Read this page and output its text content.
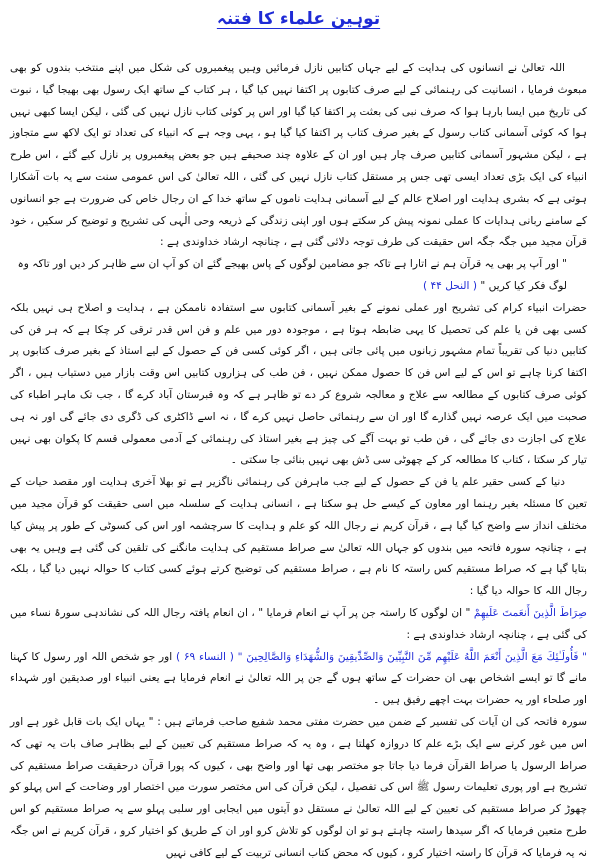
توہین علماء کا فتنہ

اللہ تعالیٰ نے انسانوں کی ہدایت کے لیے جہاں کتابیں نازل فرمائیں وہیں پیغمبروں کی شکل میں اپنے منتخب بندوں کو بھی مبعوث فرمایا ، انسانیت کی رہنمائی کے لیے صرف کتابوں پر اکتفا نہیں کیا گیا ، ہر کتاب کے ساتھ ایک رسول بھی بھیجا گیا ، نبوت کی تاریخ میں ایسا بارہا ہوا کہ صرف نبی کی بعثت پر اکتفا کیا گیا اور اس پر کوئی کتاب نازل نہیں کی گئی ، لیکن ایسا کبھی نہیں ہوا کہ کوئی آسمانی کتاب رسول کے بغیر صرف کتاب پر اکتفا کیا گیا ہو ، یہی وجہ ہے کہ انبیاء کی تعداد تو ایک لاکھ سے متجاوز ہے ، لیکن مشہور آسمانی کتابیں صرف چار ہیں اور ان کے علاوہ چند صحیفے ہیں جو بعض پیغمبروں پر نازل کیے گئے ، اس طرح انبیاء کی ایک بڑی تعداد ایسی تھی جس پر مستقل کتاب نازل نہیں کی گئی ، اللہ تعالیٰ کی اس عمومی سنت سے یہ بات آشکارا ہوتی ہے کہ بشری ہدایت اور اصلاح عالم کے لیے آسمانی ہدایت ناموں کے ساتھ خدا کے ان رجال خاص کی ضرورت ہے جو انسانوں کے سامنے ربانی ہدایات کا عملی نمونہ پیش کر سکتے ہوں اور اپنی زندگی کے ذریعہ وحی الٰہی کی تشریح و توضیح کر سکیں ، خود قرآن مجید میں جگہ جگہ اس حقیقت کی طرف توجہ دلائی گئی ہے ، چنانچہ ارشاد خداوندی ہے :

" اور آپ پر بھی یہ قرآن ہم نے اتارا ہے تاکہ جو مضامین لوگوں کے پاس بھیجے گئے ان کو آپ ان سے ظاہر کر دیں اور تاکہ وہ لوگ فکر کیا کریں " ( النحل ۴۴ )

حضرات انبیاء کرام کی تشریح اور عملی نمونے کے بغیر آسمانی کتابوں سے استفادہ ناممکن ہے ، ہدایت و اصلاح ہی نہیں بلکہ کسی بھی فن یا علم کی تحصیل کا یہی ضابطہ ہوتا ہے ، موجودہ دور میں علم و فن اس قدر ترقی کر چکا ہے کہ ہر فن کی کتابیں دنیا کی تقریباً تمام مشہور زبانوں میں پائی جاتی ہیں ، اگر کوئی کسی فن کے حصول کے لیے استاذ کے بغیر صرف کتابوں پر اکتفا کرنا چاہے تو اس کے لیے اس فن کا حصول ممکن نہیں ، فن طب کی ہزاروں کتابیں اس وقت بازار میں دستیاب ہیں ، اگر کوئی صرف کتابوں کے مطالعہ سے علاج و معالجہ شروع کر دے تو ظاہر ہے کہ وہ قبرستان آباد کرے گا ، جب تک ماہر اطباء کی صحبت میں ایک عرصہ نہیں گذارے گا اور ان سے رہنمائی حاصل نہیں کرے گا ، نہ اسے ڈاکٹری کی ڈگری دی جائے گی اور نہ ہی علاج کی اجازت دی جائے گی ، فن طب تو بہت آگے کی چیز ہے بغیر استاذ کی رہنمائی کے آدمی معمولی قسم کا پکوان بھی نہیں تیار کر سکتا ، کتاب کا مطالعہ کر کے چھوٹی سی ڈش بھی نہیں بنائی جا سکتی ۔

دنیا کے کسی حقیر علم یا فن کے حصول کے لیے جب ماہرفن کی رہنمائی ناگزیر ہے تو بھلا آخری ہدایت اور مقصد حیات کے تعین کا مسئلہ بغیر رہنما اور معاون کے کیسے حل ہو سکتا ہے ، انسانی ہدایت کے سلسلہ میں اسی حقیقت کو قرآن مجید میں مختلف انداز سے واضح کیا گیا ہے ، قرآن کریم نے رجال اللہ کو علم و ہدایت کا سرچشمہ اور اس کی کسوٹی کے طور پر پیش کیا ہے ، چنانچہ سورہ فاتحہ میں بندوں کو جہاں اللہ تعالیٰ سے صراط مستقیم کی ہدایت مانگنے کی تلقین کی گئی ہے وہیں یہ بھی بتایا گیا ہے کہ صراط مستقیم کس راستہ کا نام ہے ، صراط مستقیم کی توضیح کرتے ہوئے کسی کتاب کا حوالہ نہیں دیا گیا ، بلکہ رجال اللہ کا حوالہ دیا گیا :

صِرَاطَ الَّذِينَ أَنعَمتَ عَلَيهِمْ " ان لوگوں کا راستہ جن پر آپ نے انعام فرمایا " ، ان انعام یافتہ رجال اللہ کی نشاندہی سورۂ نساء میں کی گئی ہے ، چنانچہ ارشاد خداوندی ہے :

" فَأُولَـٰئِكَ مَعَ الَّذِينَ أَنْعَمَ اللَّهُ عَلَيْهِم مِّنَ النَّبِيِّينَ وَالصِّدِّيقِينَ وَالشُّهَدَاءِ وَالصَّالِحِينَ " ( النساء ۶۹ ) اور جو شخص اللہ اور رسول کا کہنا مانے گا تو ایسے اشخاص بھی ان حضرات کے ساتھ ہوں گے جن پر اللہ تعالیٰ نے انعام فرمایا ہے یعنی انبیاء اور صدیقین اور شہداء اور صلحاء اور یہ حضرات بہت اچھے رفیق ہیں ۔

سورہ فاتحہ کی ان آیات کی تفسیر کے ضمن میں حضرت مفتی محمد شفیع صاحب فرماتے ہیں : " یہاں ایک بات قابل غور ہے اور اس میں غور کرنے سے ایک بڑے علم کا دروازہ کھلتا ہے ، وہ یہ کہ صراط مستقیم کی تعیین کے لیے بظاہر صاف بات یہ تھی کہ صراط الرسول یا صراط القرآن فرما دیا جاتا جو مختصر بھی تھا اور واضح بھی ، کیوں کہ پورا قرآن درحقیقت صراط مستقیم کی تشریح ہے اور پوری تعلیمات رسول ﷺ اس کی تفصیل ، لیکن قرآن کی اس مختصر سورت میں اختصار اور وضاحت کے اس پہلو کو چھوڑ کر صراط مستقیم کی تعیین کے لیے اللہ تعالیٰ نے مستقل دو آیتوں میں ایجابی اور سلبی پہلو سے یہ صراط مستقیم کو اس طرح متعین فرمایا کہ اگر سیدھا راستہ چاہتے ہو تو ان لوگوں کو تلاش کرو اور ان کے طریق کو اختیار کرو ، قرآن کریم نے اس جگہ نہ یہ فرمایا کہ قرآن کا راستہ اختیار کرو ، کیوں کہ محض کتاب انسانی تربیت کے لیے کافی نہیں
